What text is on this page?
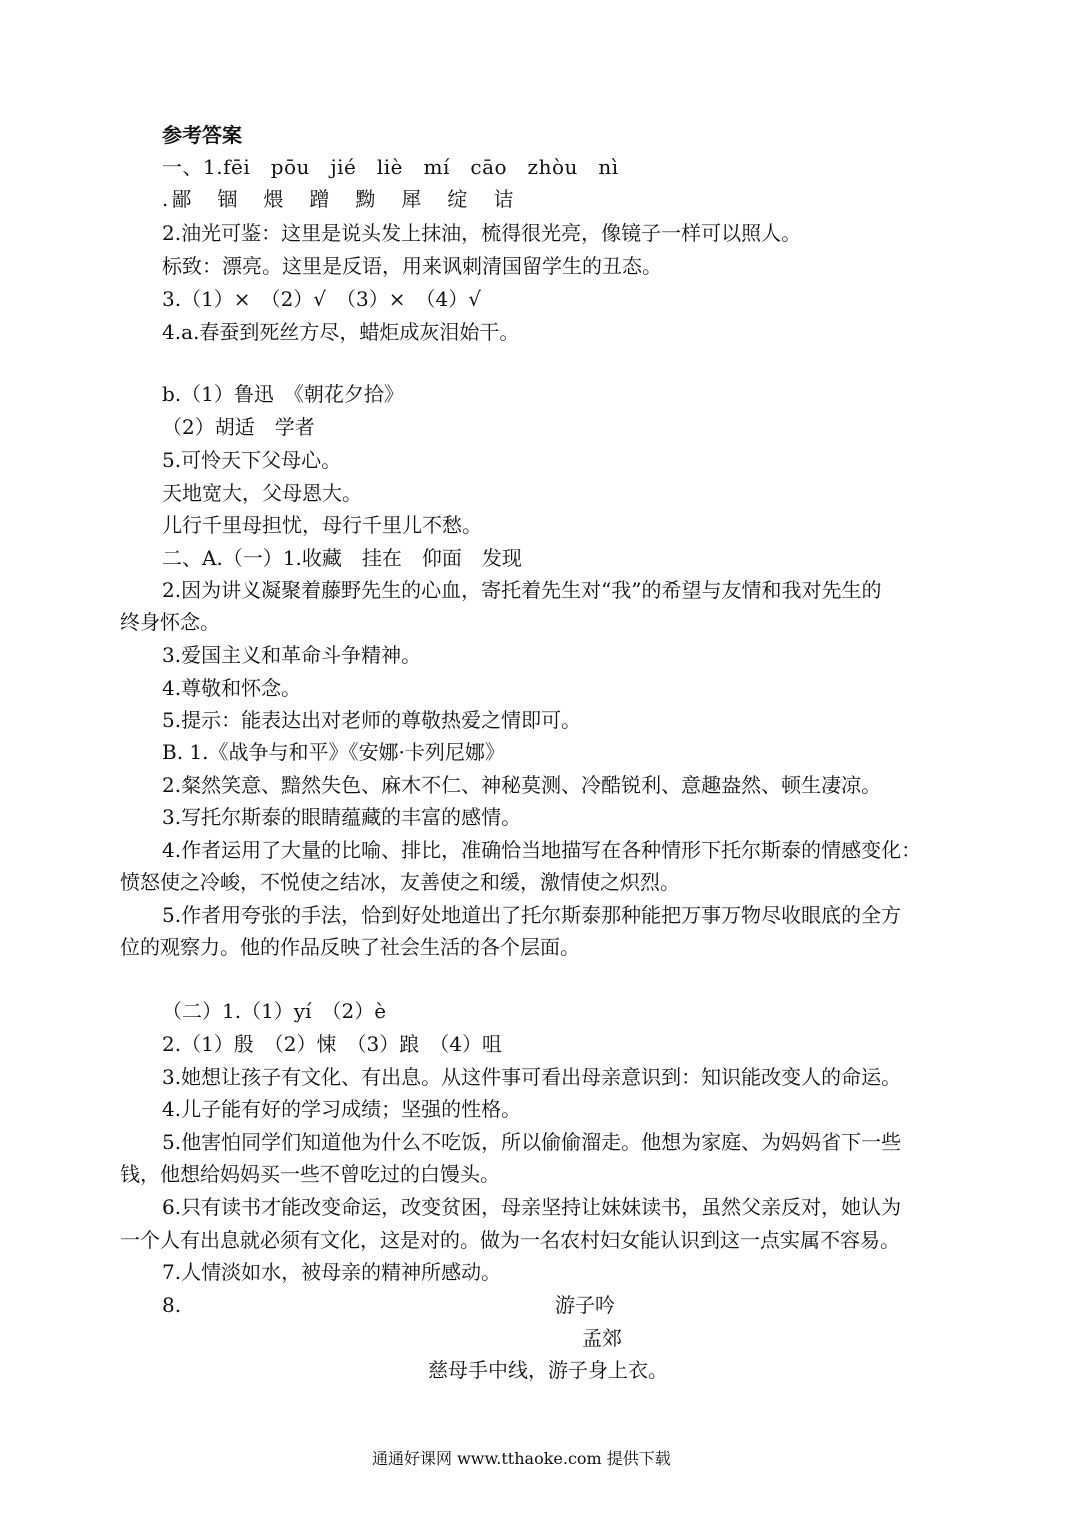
参考答案
一、1.fēi　pōu　jié　liè　mí　cāo　zhòu　nì
.鄙　锢　煨　蹭　黝　犀　绽　诘
2.油光可鉴：这里是说头发上抹油，梳得很光亮，像镜子一样可以照人。
标致：漂亮。这里是反语，用来讽刺清国留学生的丑态。
3.（1）×　（2）√　（3）×　（4）√
4.a.春蚕到死丝方尽，蜡炬成灰泪始干。
b.（1）鲁迅　《朝花夕拾》
（2）胡适　学者
5.可怜天下父母心。
天地宽大，父母恩大。
儿行千里母担忧，母行千里儿不愁。
二、A.（一）1.收藏　挂在　仰面　发现
2.因为讲义凝聚着藤野先生的心血，寄托着先生对“我”的希望与友情和我对先生的
终身怀念。
3.爱国主义和革命斗争精神。
4.尊敬和怀念。
5.提示：能表达出对老师的尊敬热爱之情即可。
B. 1.《战争与和平》《安娜·卡列尼娜》
2.粲然笑意、黯然失色、麻木不仁、神秘莫测、冷酷锐利、意趣盎然、顿生凄凉。
3.写托尔斯泰的眼睛蕴藏的丰富的感情。
4.作者运用了大量的比喻、排比，准确恰当地描写在各种情形下托尔斯泰的情感变化：
愤怒使之冷峻，不悦使之结冰，友善使之和缓，激情使之炽烈。
5.作者用夸张的手法，恰到好处地道出了托尔斯泰那种能把万事万物尽收眼底的全方
位的观察力。他的作品反映了社会生活的各个层面。
（二）1.（1）yí　（2）è
2.（1）殷　（2）悚　（3）踉　（4）咀
3.她想让孩子有文化、有出息。从这件事可看出母亲意识到：知识能改变人的命运。
4.儿子能有好的学习成绩；坚强的性格。
5.他害怕同学们知道他为什么不吃饭，所以偷偷溜走。他想为家庭、为妈妈省下一些
钱，他想给妈妈买一些不曾吃过的白馒头。
6.只有读书才能改变命运，改变贫困，母亲坚持让妹妹读书，虽然父亲反对，她认为
一个人有出息就必须有文化，这是对的。做为一名农村妇女能认识到这一点实属不容易。
7.人情淡如水，被母亲的精神所感动。
8.	游子吟
孟郊
慈母手中线，游子身上衣。
通通好课网 www.tthaoke.com 提供下载
